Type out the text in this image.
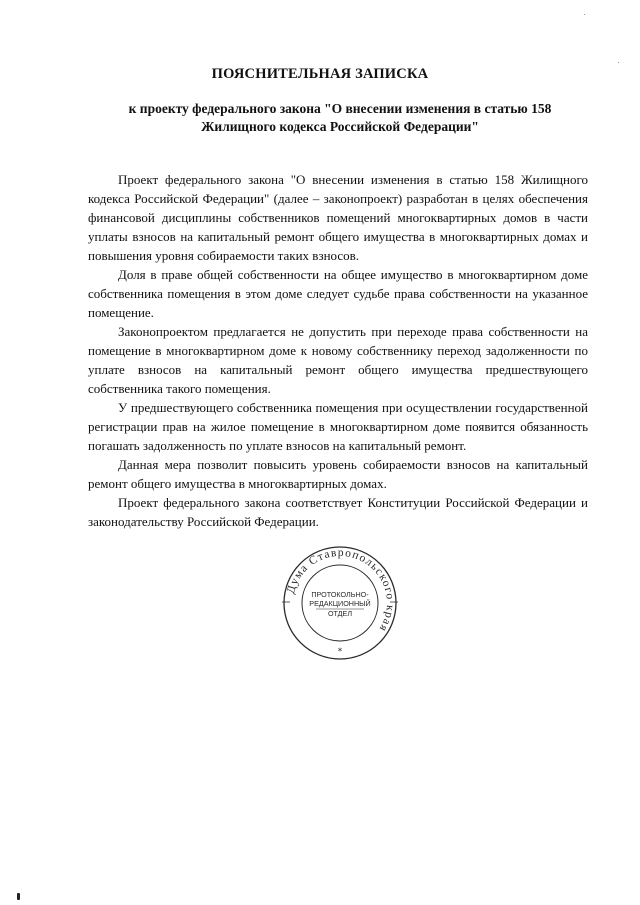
ПОЯСНИТЕЛЬНАЯ ЗАПИСКА
к проекту федерального закона "О внесении изменения в статью 158
Жилищного кодекса Российской Федерации"

Проект федерального закона "О внесении изменения в статью 158 Жилищного кодекса Российской Федерации" (далее – законопроект) разработан в целях обеспечения финансовой дисциплины собственников помещений многоквартирных домов в части уплаты взносов на капитальный ремонт общего имущества в многоквартирных домах и повышения уровня собираемости таких взносов.

Доля в праве общей собственности на общее имущество в многоквартирном доме собственника помещения в этом доме следует судьбе права собственности на указанное помещение.

Законопроектом предлагается не допустить при переходе права собственности на помещение в многоквартирном доме к новому собственнику переход задолженности по уплате взносов на капитальный ремонт общего имущества предшествующего собственника такого помещения.

У предшествующего собственника помещения при осуществлении государственной регистрации прав на жилое помещение в многоквартирном доме появится обязанность погашать задолженность по уплате взносов на капитальный ремонт.

Данная мера позволит повысить уровень собираемости взносов на капитальный ремонт общего имущества в многоквартирных домах.

Проект федерального закона соответствует Конституции Российской Федерации и законодательству Российской Федерации.

Дума Ставропольского края
ПРОТОКОЛЬНО-
РЕДАКЦИОННЫЙ
ОТДЕЛ
*
